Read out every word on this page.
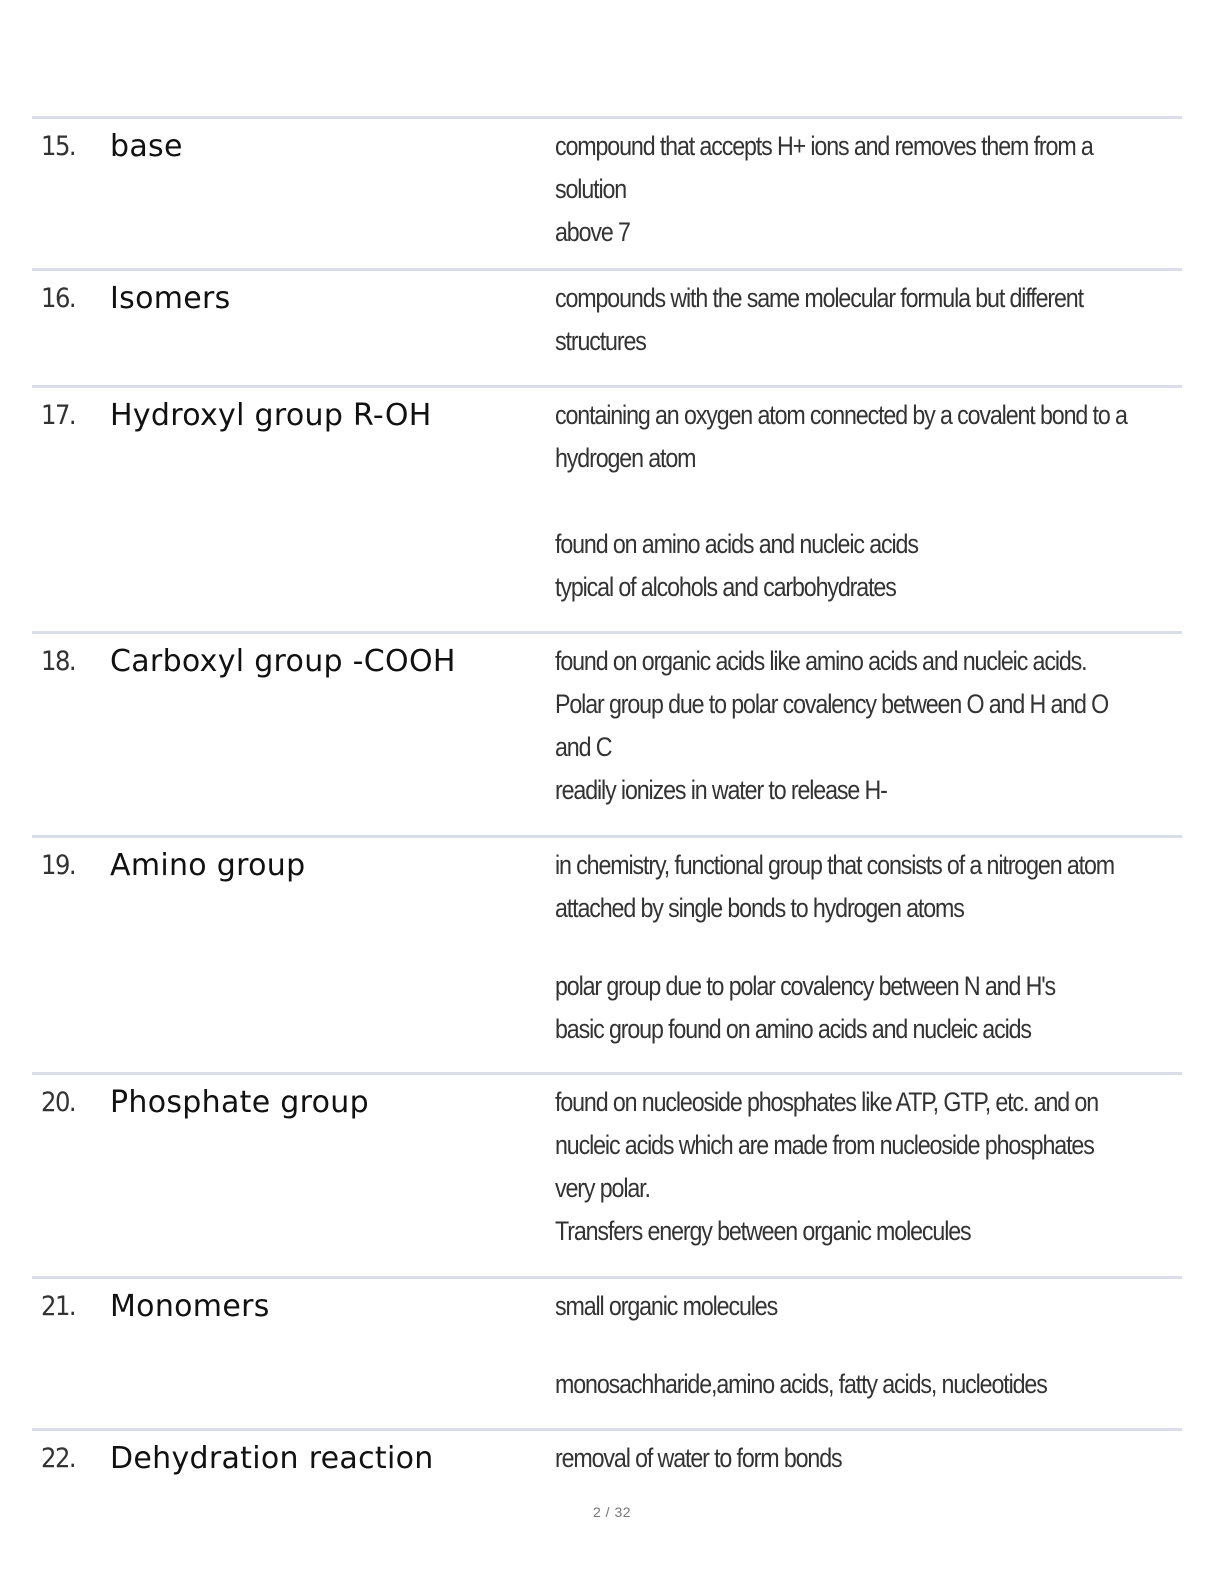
15.	base	compound that accepts H+ ions and removes them from a
solution
above 7
16.	Isomers	compounds with the same molecular formula but different
structures
17.	Hydroxyl group R-OH	containing an oxygen atom connected by a covalent bond to a
hydrogen atom
found on amino acids and nucleic acids
typical of alcohols and carbohydrates
18.	Carboxyl group -COOH	found on organic acids like amino acids and nucleic acids.
Polar group due to polar covalency between O and H and O
and C
readily ionizes in water to release H-
19.	Amino group	in chemistry, functional group that consists of a nitrogen atom
attached by single bonds to hydrogen atoms
polar group due to polar covalency between N and H's
basic group found on amino acids and nucleic acids
20.	Phosphate group	found on nucleoside phosphates like ATP, GTP, etc. and on
nucleic acids which are made from nucleoside phosphates
very polar.
Transfers energy between organic molecules
21.	Monomers	small organic molecules
monosachharide,amino acids, fatty acids, nucleotides
22.	Dehydration reaction	removal of water to form bonds
2 / 32
